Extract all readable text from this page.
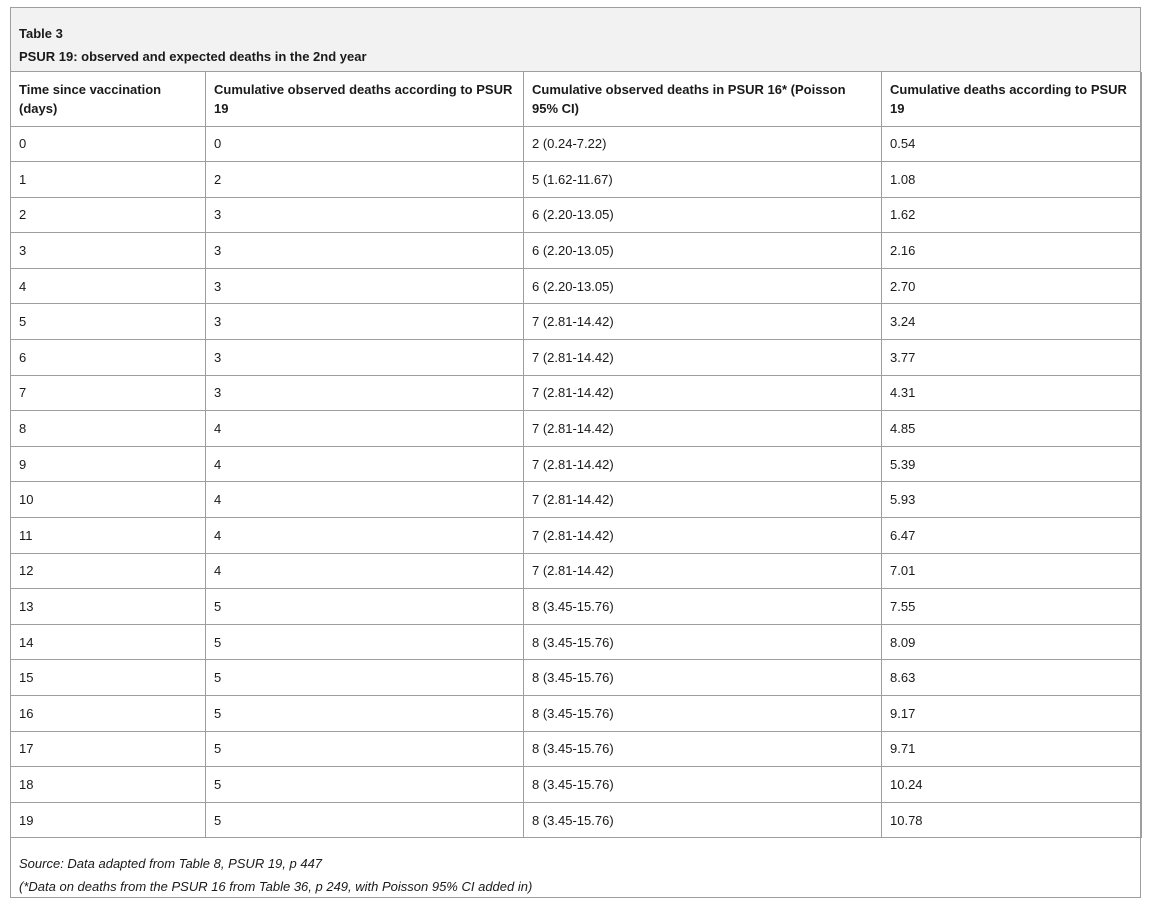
Table 3
PSUR 19: observed and expected deaths in the 2nd year
Time since vaccination (days)	Cumulative observed deaths according to PSUR 19	Cumulative observed deaths in PSUR 16* (Poisson 95% CI)	Cumulative deaths according to PSUR 19
0	0	2 (0.24-7.22)	0.54
1	2	5 (1.62-11.67)	1.08
2	3	6 (2.20-13.05)	1.62
3	3	6 (2.20-13.05)	2.16
4	3	6 (2.20-13.05)	2.70
5	3	7 (2.81-14.42)	3.24
6	3	7 (2.81-14.42)	3.77
7	3	7 (2.81-14.42)	4.31
8	4	7 (2.81-14.42)	4.85
9	4	7 (2.81-14.42)	5.39
10	4	7 (2.81-14.42)	5.93
11	4	7 (2.81-14.42)	6.47
12	4	7 (2.81-14.42)	7.01
13	5	8 (3.45-15.76)	7.55
14	5	8 (3.45-15.76)	8.09
15	5	8 (3.45-15.76)	8.63
16	5	8 (3.45-15.76)	9.17
17	5	8 (3.45-15.76)	9.71
18	5	8 (3.45-15.76)	10.24
19	5	8 (3.45-15.76)	10.78
Source: Data adapted from Table 8, PSUR 19, p 447
(*Data on deaths from the PSUR 16 from Table 36, p 249, with Poisson 95% CI added in)
